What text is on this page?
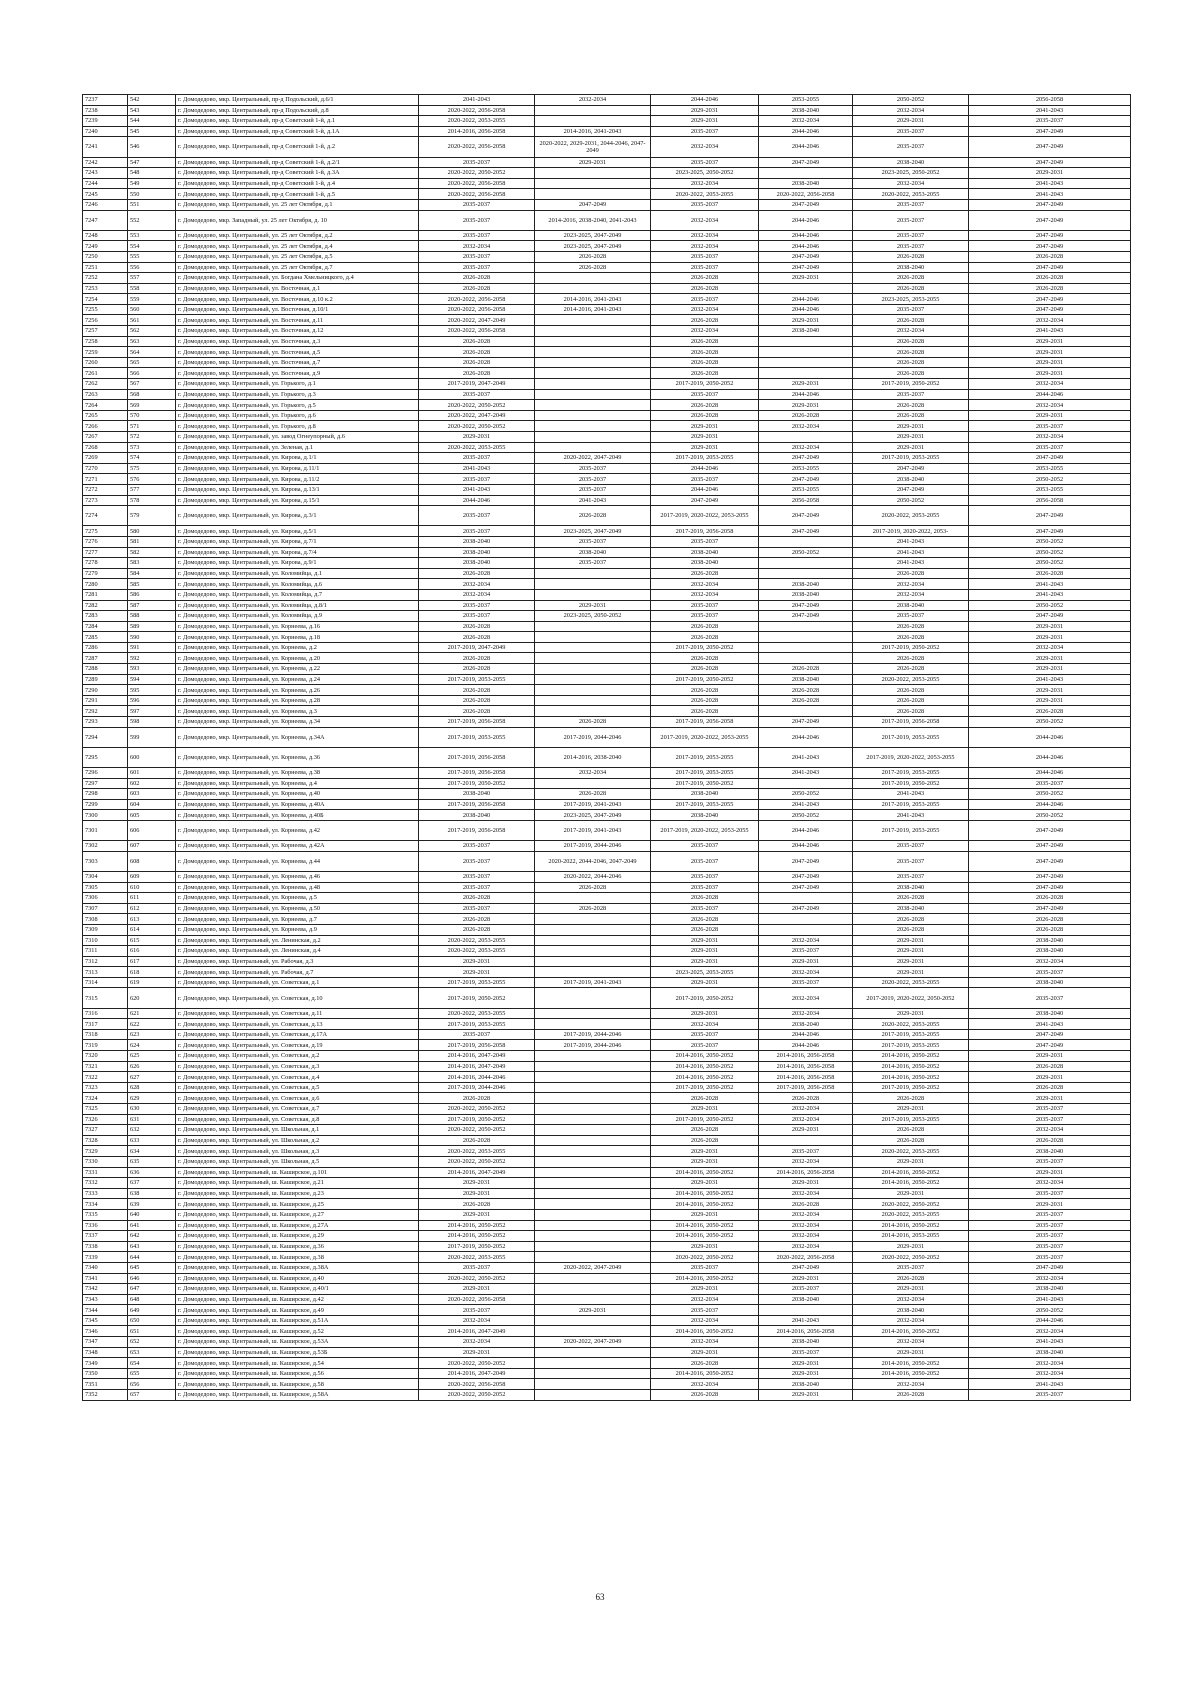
7237	542	г. Домодедово, мкр. Центральный, пр-д Подольский, д.6/1	2041-2043	2032-2034	2044-2046	2053-2055	2050-2052	2056-2058
7238	543	г. Домодедово, мкр. Центральный, пр-д Подольский, д.8	2020-2022, 2056-2058		2029-2031	2038-2040	2032-2034	2041-2043
7239	544	г. Домодедово, мкр. Центральный, пр-д Советский 1-й, д.1	2020-2022, 2053-2055		2029-2031	2032-2034	2029-2031	2035-2037
7240	545	г. Домодедово, мкр. Центральный, пр-д Советский 1-й, д.1А	2014-2016, 2056-2058	2014-2016, 2041-2043	2035-2037	2044-2046	2035-2037	2047-2049
7241	546	г. Домодедово, мкр. Центральный, пр-д Советский 1-й, д.2	2020-2022, 2056-2058	2020-2022, 2029-2031, 2044-2046, 2047-2049	2032-2034	2044-2046	2035-2037	2047-2049
7242	547	г. Домодедово, мкр. Центральный, пр-д Советский 1-й, д.2/1	2035-2037	2029-2031	2035-2037	2047-2049	2038-2040	2047-2049
7243	548	г. Домодедово, мкр. Центральный, пр-д Советский 1-й, д.3А	2020-2022, 2050-2052		2023-2025, 2050-2052		2023-2025, 2050-2052	2029-2031
7244	549	г. Домодедово, мкр. Центральный, пр-д Советский 1-й, д.4	2020-2022, 2056-2058		2032-2034	2038-2040	2032-2034	2041-2043
7245	550	г. Домодедово, мкр. Центральный, пр-д Советский 1-й, д.5	2020-2022, 2056-2058		2020-2022, 2053-2055	2020-2022, 2056-2058	2020-2022, 2053-2055	2041-2043
7246	551	г. Домодедово, мкр. Центральный, ул. 25 лет Октября, д.1	2035-2037	2047-2049	2035-2037	2047-2049	2035-2037	2047-2049
7247	552	г. Домодедово, мкр. Западный, ул. 25 лет Октября, д. 10	2035-2037	2014-2016, 2038-2040, 2041-2043	2032-2034	2044-2046	2035-2037	2047-2049
7248	553	г. Домодедово, мкр. Центральный, ул. 25 лет Октября, д.2	2035-2037	2023-2025, 2047-2049	2032-2034	2044-2046	2035-2037	2047-2049
7249	554	г. Домодедово, мкр. Центральный, ул. 25 лет Октября, д.4	2032-2034	2023-2025, 2047-2049	2032-2034	2044-2046	2035-2037	2047-2049
7250	555	г. Домодедово, мкр. Центральный, ул. 25 лет Октября, д.5	2035-2037	2026-2028	2035-2037	2047-2049	2026-2028	2026-2028
7251	556	г. Домодедово, мкр. Центральный, ул. 25 лет Октября, д.7	2035-2037	2026-2028	2035-2037	2047-2049	2038-2040	2047-2049
7252	557	г. Домодедово, мкр. Центральный, ул. Богдана Хмельницкого, д.4	2026-2028		2026-2028	2029-2031	2026-2028	2026-2028
7253	558	г. Домодедово, мкр. Центральный, ул. Восточная, д.1	2026-2028		2026-2028		2026-2028	2026-2028
7254	559	г. Домодедово, мкр. Центральный, ул. Восточная, д.10 к.2	2020-2022, 2056-2058	2014-2016, 2041-2043	2035-2037	2044-2046	2023-2025, 2053-2055	2047-2049
7255	560	г. Домодедово, мкр. Центральный, ул. Восточная, д.10/1	2020-2022, 2056-2058	2014-2016, 2041-2043	2032-2034	2044-2046	2035-2037	2047-2049
7256	561	г. Домодедово, мкр. Центральный, ул. Восточная, д.11	2020-2022, 2047-2049		2026-2028	2029-2031	2026-2028	2032-2034
7257	562	г. Домодедово, мкр. Центральный, ул. Восточная, д.12	2020-2022, 2056-2058		2032-2034	2038-2040	2032-2034	2041-2043
7258	563	г. Домодедово, мкр. Центральный, ул. Восточная, д.3	2026-2028		2026-2028		2026-2028	2029-2031
7259	564	г. Домодедово, мкр. Центральный, ул. Восточная, д.5	2026-2028		2026-2028		2026-2028	2029-2031
7260	565	г. Домодедово, мкр. Центральный, ул. Восточная, д.7	2026-2028		2026-2028		2026-2028	2029-2031
7261	566	г. Домодедово, мкр. Центральный, ул. Восточная, д.9	2026-2028		2026-2028		2026-2028	2029-2031
7262	567	г. Домодедово, мкр. Центральный, ул. Горького, д.1	2017-2019, 2047-2049		2017-2019, 2050-2052	2029-2031	2017-2019, 2050-2052	2032-2034
7263	568	г. Домодедово, мкр. Центральный, ул. Горького, д.3	2035-2037		2035-2037	2044-2046	2035-2037	2044-2046
7264	569	г. Домодедово, мкр. Центральный, ул. Горького, д.5	2020-2022, 2050-2052		2026-2028	2029-2031	2026-2028	2032-2034
7265	570	г. Домодедово, мкр. Центральный, ул. Горького, д.6	2020-2022, 2047-2049		2026-2028	2026-2028	2026-2028	2029-2031
7266	571	г. Домодедово, мкр. Центральный, ул. Горького, д.8	2020-2022, 2050-2052		2029-2031	2032-2034	2029-2031	2035-2037
7267	572	г. Домодедово, мкр. Центральный, ул. завод Огнеупорный, д.6	2029-2031		2029-2031		2029-2031	2032-2034
7268	573	г. Домодедово, мкр. Центральный, ул. Зеленая, д.1	2020-2022, 2053-2055		2029-2031	2032-2034	2029-2031	2035-2037
7269	574	г. Домодедово, мкр. Центральный, ул. Кирова, д.1/1	2035-2037	2020-2022, 2047-2049	2017-2019, 2053-2055	2047-2049	2017-2019, 2053-2055	2047-2049
7270	575	г. Домодедово, мкр. Центральный, ул. Кирова, д.11/1	2041-2043	2035-2037	2044-2046	2053-2055	2047-2049	2053-2055
7271	576	г. Домодедово, мкр. Центральный, ул. Кирова, д.11/2	2035-2037	2035-2037	2035-2037	2047-2049	2038-2040	2050-2052
7272	577	г. Домодедово, мкр. Центральный, ул. Кирова, д.13/1	2041-2043	2035-2037	2044-2046	2053-2055	2047-2049	2053-2055
7273	578	г. Домодедово, мкр. Центральный, ул. Кирова, д.15/1	2044-2046	2041-2043	2047-2049	2056-2058	2050-2052	2056-2058
7274	579	г. Домодедово, мкр. Центральный, ул. Кирова, д.3/1	2035-2037	2026-2028	2017-2019, 2020-2022, 2053-2055	2047-2049	2020-2022, 2053-2055	2047-2049
7275	580	г. Домодедово, мкр. Центральный, ул. Кирова, д.5/1	2035-2037	2023-2025, 2047-2049	2017-2019, 2056-2058	2047-2049	2017-2019, 2020-2022, 2053-	2047-2049
7276	581	г. Домодедово, мкр. Центральный, ул. Кирова, д.7/1	2038-2040	2035-2037	2035-2037		2041-2043	2050-2052
7277	582	г. Домодедово, мкр. Центральный, ул. Кирова, д.7/4	2038-2040	2038-2040	2038-2040	2050-2052	2041-2043	2050-2052
7278	583	г. Домодедово, мкр. Центральный, ул. Кирова, д.9/1	2038-2040	2035-2037	2038-2040		2041-2043	2050-2052
7279	584	г. Домодедово, мкр. Центральный, ул. Коломийца, д.1	2026-2028		2026-2028		2026-2028	2026-2028
7280	585	г. Домодедово, мкр. Центральный, ул. Коломийца, д.6	2032-2034		2032-2034	2038-2040	2032-2034	2041-2043
7281	586	г. Домодедово, мкр. Центральный, ул. Коломийца, д.7	2032-2034		2032-2034	2038-2040	2032-2034	2041-2043
7282	587	г. Домодедово, мкр. Центральный, ул. Коломийца, д.8/1	2035-2037	2029-2031	2035-2037	2047-2049	2038-2040	2050-2052
7283	588	г. Домодедово, мкр. Центральный, ул. Коломийца, д.9	2035-2037	2023-2025, 2050-2052	2035-2037	2047-2049	2035-2037	2047-2049
7284	589	г. Домодедово, мкр. Центральный, ул. Корнеева, д.16	2026-2028		2026-2028		2026-2028	2029-2031
7285	590	г. Домодедово, мкр. Центральный, ул. Корнеева, д.18	2026-2028		2026-2028		2026-2028	2029-2031
7286	591	г. Домодедово, мкр. Центральный, ул. Корнеева, д.2	2017-2019, 2047-2049		2017-2019, 2050-2052		2017-2019, 2050-2052	2032-2034
7287	592	г. Домодедово, мкр. Центральный, ул. Корнеева, д.20	2026-2028		2026-2028		2026-2028	2029-2031
7288	593	г. Домодедово, мкр. Центральный, ул. Корнеева, д.22	2026-2028		2026-2028	2026-2028	2026-2028	2029-2031
7289	594	г. Домодедово, мкр. Центральный, ул. Корнеева, д.24	2017-2019, 2053-2055		2017-2019, 2050-2052	2038-2040	2020-2022, 2053-2055	2041-2043
7290	595	г. Домодедово, мкр. Центральный, ул. Корнеева, д.26	2026-2028		2026-2028	2026-2028	2026-2028	2029-2031
7291	596	г. Домодедово, мкр. Центральный, ул. Корнеева, д.28	2026-2028		2026-2028	2026-2028	2026-2028	2029-2031
7292	597	г. Домодедово, мкр. Центральный, ул. Корнеева, д.3	2026-2028		2026-2028		2026-2028	2026-2028
7293	598	г. Домодедово, мкр. Центральный, ул. Корнеева, д.34	2017-2019, 2056-2058	2026-2028	2017-2019, 2056-2058	2047-2049	2017-2019, 2056-2058	2050-2052
7294	599	г. Домодедово, мкр. Центральный, ул. Корнеева, д.34А	2017-2019, 2053-2055	2017-2019, 2044-2046	2017-2019, 2020-2022, 2053-2055	2044-2046	2017-2019, 2053-2055	2044-2046
7295	600	г. Домодедово, мкр. Центральный, ул. Корнеева, д.36	2017-2019, 2056-2058	2014-2016, 2038-2040	2017-2019, 2053-2055	2041-2043	2017-2019, 2020-2022, 2053-2055	2044-2046
7296	601	г. Домодедово, мкр. Центральный, ул. Корнеева, д.38	2017-2019, 2056-2058	2032-2034	2017-2019, 2053-2055	2041-2043	2017-2019, 2053-2055	2044-2046
7297	602	г. Домодедово, мкр. Центральный, ул. Корнеева, д.4	2017-2019, 2050-2052		2017-2019, 2050-2052		2017-2019, 2050-2052	2035-2037
7298	603	г. Домодедово, мкр. Центральный, ул. Корнеева, д.40	2038-2040	2026-2028	2038-2040	2050-2052	2041-2043	2050-2052
7299	604	г. Домодедово, мкр. Центральный, ул. Корнеева, д.40А	2017-2019, 2056-2058	2017-2019, 2041-2043	2017-2019, 2053-2055	2041-2043	2017-2019, 2053-2055	2044-2046
7300	605	г. Домодедово, мкр. Центральный, ул. Корнеева, д.40Б	2038-2040	2023-2025, 2047-2049	2038-2040	2050-2052	2041-2043	2050-2052
7301	606	г. Домодедово, мкр. Центральный, ул. Корнеева, д.42	2017-2019, 2056-2058	2017-2019, 2041-2043	2017-2019, 2020-2022, 2053-2055	2044-2046	2017-2019, 2053-2055	2047-2049
7302	607	г. Домодедово, мкр. Центральный, ул. Корнеева, д.42А	2035-2037	2017-2019, 2044-2046	2035-2037	2044-2046	2035-2037	2047-2049
7303	608	г. Домодедово, мкр. Центральный, ул. Корнеева, д.44	2035-2037	2020-2022, 2044-2046, 2047-2049	2035-2037	2047-2049	2035-2037	2047-2049
7304	609	г. Домодедово, мкр. Центральный, ул. Корнеева, д.46	2035-2037	2020-2022, 2044-2046	2035-2037	2047-2049	2035-2037	2047-2049
7305	610	г. Домодедово, мкр. Центральный, ул. Корнеева, д.48	2035-2037	2026-2028	2035-2037	2047-2049	2038-2040	2047-2049
7306	611	г. Домодедово, мкр. Центральный, ул. Корнеева, д.5	2026-2028		2026-2028		2026-2028	2026-2028
7307	612	г. Домодедово, мкр. Центральный, ул. Корнеева, д.50	2035-2037	2026-2028	2035-2037	2047-2049	2038-2040	2047-2049
7308	613	г. Домодедово, мкр. Центральный, ул. Корнеева, д.7	2026-2028		2026-2028		2026-2028	2026-2028
7309	614	г. Домодедово, мкр. Центральный, ул. Корнеева, д.9	2026-2028		2026-2028		2026-2028	2026-2028
7310	615	г. Домодедово, мкр. Центральный, ул. Ленинская, д.2	2020-2022, 2053-2055		2029-2031	2032-2034	2029-2031	2038-2040
7311	616	г. Домодедово, мкр. Центральный, ул. Ленинская, д.4	2020-2022, 2053-2055		2029-2031	2035-2037	2029-2031	2038-2040
7312	617	г. Домодедово, мкр. Центральный, ул. Рабочая, д.3	2029-2031		2029-2031	2029-2031	2029-2031	2032-2034
7313	618	г. Домодедово, мкр. Центральный, ул. Рабочая, д.7	2029-2031		2023-2025, 2053-2055	2032-2034	2029-2031	2035-2037
7314	619	г. Домодедово, мкр. Центральный, ул. Советская, д.1	2017-2019, 2053-2055	2017-2019, 2041-2043	2029-2031	2035-2037	2020-2022, 2053-2055	2038-2040
7315	620	г. Домодедово, мкр. Центральный, ул. Советская, д.10	2017-2019, 2050-2052		2017-2019, 2050-2052	2032-2034	2017-2019, 2020-2022, 2050-2052	2035-2037
7316	621	г. Домодедово, мкр. Центральный, ул. Советская, д.11	2020-2022, 2053-2055		2029-2031	2032-2034	2029-2031	2038-2040
7317	622	г. Домодедово, мкр. Центральный, ул. Советская, д.13	2017-2019, 2053-2055		2032-2034	2038-2040	2020-2022, 2053-2055	2041-2043
7318	623	г. Домодедово, мкр. Центральный, ул. Советская, д.17А	2035-2037	2017-2019, 2044-2046	2035-2037	2044-2046	2017-2019, 2053-2055	2047-2049
7319	624	г. Домодедово, мкр. Центральный, ул. Советская, д.19	2017-2019, 2056-2058	2017-2019, 2044-2046	2035-2037	2044-2046	2017-2019, 2053-2055	2047-2049
7320	625	г. Домодедово, мкр. Центральный, ул. Советская, д.2	2014-2016, 2047-2049		2014-2016, 2050-2052	2014-2016, 2056-2058	2014-2016, 2050-2052	2029-2031
7321	626	г. Домодедово, мкр. Центральный, ул. Советская, д.3	2014-2016, 2047-2049		2014-2016, 2050-2052	2014-2016, 2056-2058	2014-2016, 2050-2052	2026-2028
7322	627	г. Домодедово, мкр. Центральный, ул. Советская, д.4	2014-2016, 2044-2046		2014-2016, 2050-2052	2014-2016, 2056-2058	2014-2016, 2050-2052	2029-2031
7323	628	г. Домодедово, мкр. Центральный, ул. Советская, д.5	2017-2019, 2044-2046		2017-2019, 2050-2052	2017-2019, 2056-2058	2017-2019, 2050-2052	2026-2028
7324	629	г. Домодедово, мкр. Центральный, ул. Советская, д.6	2026-2028		2026-2028	2026-2028	2026-2028	2029-2031
7325	630	г. Домодедово, мкр. Центральный, ул. Советская, д.7	2020-2022, 2050-2052		2029-2031	2032-2034	2029-2031	2035-2037
7326	631	г. Домодедово, мкр. Центральный, ул. Советская, д.8	2017-2019, 2050-2052		2017-2019, 2050-2052	2032-2034	2017-2019, 2053-2055	2035-2037
7327	632	г. Домодедово, мкр. Центральный, ул. Школьная, д.1	2020-2022, 2050-2052		2026-2028	2029-2031	2026-2028	2032-2034
7328	633	г. Домодедово, мкр. Центральный, ул. Школьная, д.2	2026-2028		2026-2028		2026-2028	2026-2028
7329	634	г. Домодедово, мкр. Центральный, ул. Школьная, д.3	2020-2022, 2053-2055		2029-2031	2035-2037	2020-2022, 2053-2055	2038-2040
7330	635	г. Домодедово, мкр. Центральный, ул. Школьная, д.5	2020-2022, 2050-2052		2029-2031	2032-2034	2029-2031	2035-2037
7331	636	г. Домодедово, мкр. Центральный, ш. Каширское, д.101	2014-2016, 2047-2049		2014-2016, 2050-2052	2014-2016, 2056-2058	2014-2016, 2050-2052	2029-2031
7332	637	г. Домодедово, мкр. Центральный, ш. Каширское, д.21	2029-2031		2029-2031	2029-2031	2014-2016, 2050-2052	2032-2034
7333	638	г. Домодедово, мкр. Центральный, ш. Каширское, д.23	2029-2031		2014-2016, 2050-2052	2032-2034	2029-2031	2035-2037
7334	639	г. Домодедово, мкр. Центральный, ш. Каширское, д.25	2026-2028		2014-2016, 2050-2052	2026-2028	2020-2022, 2050-2052	2029-2031
7335	640	г. Домодедово, мкр. Центральный, ш. Каширское, д.27	2029-2031		2029-2031	2032-2034	2020-2022, 2053-2055	2035-2037
7336	641	г. Домодедово, мкр. Центральный, ш. Каширское, д.27А	2014-2016, 2050-2052		2014-2016, 2050-2052	2032-2034	2014-2016, 2050-2052	2035-2037
7337	642	г. Домодедово, мкр. Центральный, ш. Каширское, д.29	2014-2016, 2050-2052		2014-2016, 2050-2052	2032-2034	2014-2016, 2053-2055	2035-2037
7338	643	г. Домодедово, мкр. Центральный, ш. Каширское, д.36	2017-2019, 2050-2052		2029-2031	2032-2034	2029-2031	2035-2037
7339	644	г. Домодедово, мкр. Центральный, ш. Каширское, д.38	2020-2022, 2053-2055		2020-2022, 2050-2052	2020-2022, 2056-2058	2020-2022, 2050-2052	2035-2037
7340	645	г. Домодедово, мкр. Центральный, ш. Каширское, д.38А	2035-2037	2020-2022, 2047-2049	2035-2037	2047-2049	2035-2037	2047-2049
7341	646	г. Домодедово, мкр. Центральный, ш. Каширское, д.40	2020-2022, 2050-2052		2014-2016, 2050-2052	2029-2031	2026-2028	2032-2034
7342	647	г. Домодедово, мкр. Центральный, ш. Каширское, д.40/1	2029-2031		2029-2031	2035-2037	2029-2031	2038-2040
7343	648	г. Домодедово, мкр. Центральный, ш. Каширское, д.42	2020-2022, 2056-2058		2032-2034	2038-2040	2032-2034	2041-2043
7344	649	г. Домодедово, мкр. Центральный, ш. Каширское, д.49	2035-2037	2029-2031	2035-2037		2038-2040	2050-2052
7345	650	г. Домодедово, мкр. Центральный, ш. Каширское, д.51А	2032-2034		2032-2034	2041-2043	2032-2034	2044-2046
7346	651	г. Домодедово, мкр. Центральный, ш. Каширское, д.52	2014-2016, 2047-2049		2014-2016, 2050-2052	2014-2016, 2056-2058	2014-2016, 2050-2052	2032-2034
7347	652	г. Домодедово, мкр. Центральный, ш. Каширское, д.53А	2032-2034	2020-2022, 2047-2049	2032-2034	2038-2040	2032-2034	2041-2043
7348	653	г. Домодедово, мкр. Центральный, ш. Каширское, д.53Б	2029-2031		2029-2031	2035-2037	2029-2031	2038-2040
7349	654	г. Домодедово, мкр. Центральный, ш. Каширское, д.54	2020-2022, 2050-2052		2026-2028	2029-2031	2014-2016, 2050-2052	2032-2034
7350	655	г. Домодедово, мкр. Центральный, ш. Каширское, д.56	2014-2016, 2047-2049		2014-2016, 2050-2052	2029-2031	2014-2016, 2050-2052	2032-2034
7351	656	г. Домодедово, мкр. Центральный, ш. Каширское, д.58	2020-2022, 2056-2058		2032-2034	2038-2040	2032-2034	2041-2043
7352	657	г. Домодедово, мкр. Центральный, ш. Каширское, д.58А	2020-2022, 2050-2052		2026-2028	2029-2031	2026-2028	2035-2037
63
